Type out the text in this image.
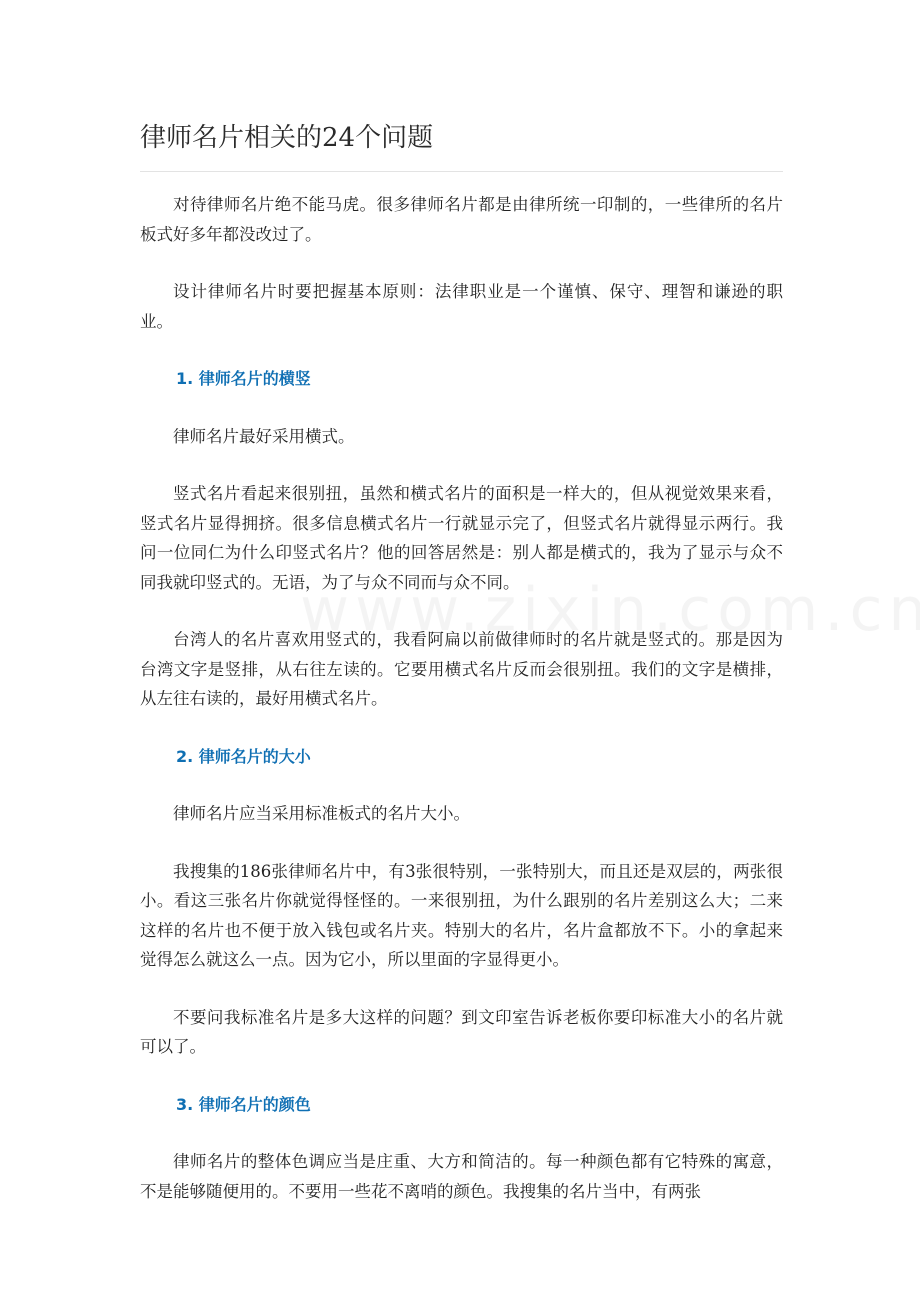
律师名片相关的24个问题

对待律师名片绝不能马虎。很多律师名片都是由律所统一印制的，一些律所的名片板式好多年都没改过了。

设计律师名片时要把握基本原则：法律职业是一个谨慎、保守、理智和谦逊的职业。

1. 律师名片的横竖

律师名片最好采用横式。

竖式名片看起来很别扭，虽然和横式名片的面积是一样大的，但从视觉效果来看，竖式名片显得拥挤。很多信息横式名片一行就显示完了，但竖式名片就得显示两行。我问一位同仁为什么印竖式名片？他的回答居然是：别人都是横式的，我为了显示与众不同我就印竖式的。无语，为了与众不同而与众不同。

台湾人的名片喜欢用竖式的，我看阿扁以前做律师时的名片就是竖式的。那是因为台湾文字是竖排，从右往左读的。它要用横式名片反而会很别扭。我们的文字是横排，从左往右读的，最好用横式名片。

2. 律师名片的大小

律师名片应当采用标准板式的名片大小。

我搜集的186张律师名片中，有3张很特别，一张特别大，而且还是双层的，两张很小。看这三张名片你就觉得怪怪的。一来很别扭，为什么跟别的名片差别这么大；二来这样的名片也不便于放入钱包或名片夹。特别大的名片，名片盒都放不下。小的拿起来觉得怎么就这么一点。因为它小，所以里面的字显得更小。

不要问我标准名片是多大这样的问题？到文印室告诉老板你要印标准大小的名片就可以了。

3. 律师名片的颜色

律师名片的整体色调应当是庄重、大方和简洁的。每一种颜色都有它特殊的寓意，不是能够随便用的。不要用一些花不离哨的颜色。我搜集的名片当中，有两张
